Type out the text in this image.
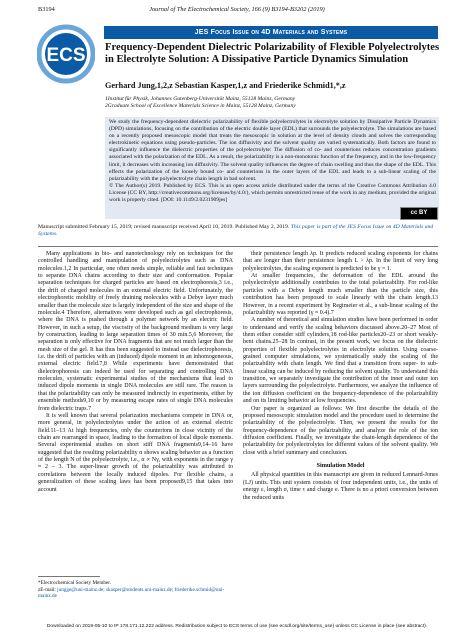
B3194	Journal of The Electrochemical Society, 166 (9) B3194-B3202 (2019)
ECS
JES Focus Issue on 4D Materials and Systems
Frequency-Dependent Dielectric Polarizability of Flexible Polyelectrolytes in Electrolyte Solution: A Dissipative Particle Dynamics Simulation
Gerhard Jung,1,2,z Sebastian Kasper,1,z and Friederike Schmid1,*,z
1Institut für Physik, Johannes Gutenberg-Universität Mainz, 55128 Mainz, Germany
2Graduate School of Excellence Materials Science in Mainz, 55128 Mainz, Germany
We study the frequency-dependent dielectric polarizability of flexible polyelectrolytes in electrolyte solution by Dissipative Particle Dynamics (DPD) simulations, focusing on the contribution of the electric double layer (EDL) that surrounds the polyelectrolyte. The simulations are based on a recently proposed mesoscopic model that treats the mesoscopic in solution at the level of density clouds and solves the corresponding electrokinetic equations using pseudo-particles. The ion diffusivity and the solvent quality are varied systematically. Both factors are found to significantly influence the dielectric properties of the polyelectrolyte: The diffusion of co- and counterions reduces concentration gradients associated with the polarization of the EDL. As a result, the polarizability is a non-monotonic function of the frequency, and in the low-frequency limit, it decreases with increasing ion diffusivity. The solvent quality influences the degree of chain swelling and thus the shape of the EDL. This effects the polarization of the loosely bound co- and counterions in the outer layers of the EDL and leads to a sub-linear scaling of the polarizability with the polyelectrolyte chain length in bad solvent.
© The Author(s) 2019. Published by ECS. This is an open access article distributed under the terms of the Creative Commons Attribution 4.0 License (CC BY, http://creativecommons.org/licenses/by/4.0/), which permits unrestricted reuse of the work in any medium, provided the original work is properly cited. [DOI: 10.1149/2.0231909jes]
cc BY
Manuscript submitted February 15, 2019; revised manuscript received April 10, 2019. Published May 2, 2019. This paper is part of the JES Focus Issue on 4D Materials and Systems.

Many applications in bio- and nanotechnology rely on techniques for the controlled handling and manipulation of polyelectrolytes such as DNA molecules.1,2 In particular, one often needs simple, reliable and fast techniques to separate DNA chains according to their size and conformation. Popular separation techniques for charged particles are based on electrophoresis,3 i.e., the drift of charged molecules in an external electric field. Unfortunately, the electrophoretic mobility of freely draining molecules with a Debye layer much smaller than the molecule size is largely independent of the size and shape of the molecule.4 Therefore, alternatives were developed such as gel electrophoresis, where the DNA is pushed through a polymer network by an electric field. However, in such a setup, the viscosity of the background medium is very large by construction, leading to large separation times of 30 min.5,6 Moreover, the separation is only effective for DNA fragments that are not much larger than the mesh size of the gel. It has thus been suggested to instead use dielectrophoresis, i.e. the drift of particles with an (induced) dipole moment in an inhomogeneous, external electric field.7,8 While experiments have demonstrated that dielectrophoresis can indeed be used for separating and controlling DNA molecules, systematic experimental studies of the mechanisms that lead to induced dipole moments in single DNA molecules are still rare. The reason is that the polarizability can only be measured indirectly in experiments, either by ensemble methods9,10 or by measuring escape rates of single DNA molecules from dielectric traps.7

It is well known that several polarization mechanisms compete in DNA or, more general, in polyelectrolytes under the action of an external electric field.11–13 At high frequencies, only the counterions in close vicinity of the chain are rearranged in space, leading to the formation of local dipole moments. Several experimental studies on short stiff DNA fragments9,14–16 have suggested that the resulting polarizability α shows scaling behavior as a function of the length N of the polyelectrolyte, i.e., α ∝ Nγ, with exponents in the range γ ≈ 2 – 3. The super-linear growth of the polarizability was attributed to correlations between the locally induced dipoles. For flexible chains, a generalization of these scaling laws has been proposed9,15 that takes into account

their persistence length λp. It predicts reduced scaling exponents for chains that are longer than their persistence length L > λp. In the limit of very long polyelectrolytes, the scaling exponent is predicted to be γ = 1.

At smaller frequencies, the deformation of the EDL around the polyelectrolyte additionally contributes to the total polarizability. For rod-like particles with a Debye length much smaller than the particle size, this contribution has been proposed to scale linearly with the chain length.13 However, in a recent experiment by Regtmeier et al., a sub-linear scaling of the polarizability was reported (γ ≈ 0.4).7

A number of theoretical and simulation studies have been performed in order to understand and verify the scaling behaviors discussed above.20–27 Most of them either consider stiff cylinders,18 rod-like particles20–23 or short weakly-bent chains.25–28 In contrast, in the present work, we focus on the dielectric properties of flexible polyelectrolytes in electrolyte solution. Using coarse-grained computer simulations, we systematically study the scaling of the polarizability with chain length. We find that a transition from super- to sub-linear scaling can be induced by reducing the solvent quality. To understand this transition, we separately investigate the contribution of the inner and outer ion layers surrounding the polyelectrolyte. Furthermore, we analyze the influence of the ion diffusion coefficient on the frequency-dependence of the polarizability and on its limiting behavior at low frequencies.

Our paper is organized as follows: We first describe the details of the proposed mesoscopic simulation model and the procedure used to determine the polarizability of the polyelectrolyte. Then, we present the results for the frequency-dependence of the polarizability, and analyze the role of the ion diffusion coefficient. Finally, we investigate the chain-length dependence of the polarizability for polyelectrolytes for different values of the solvent quality. We close with a brief summary and conclusion.

Simulation Model

All physical quantities in this manuscript are given in reduced Lennard-Jones (LJ) units. This unit system consists of four independent units, i.e., the units of energy ε, length σ, time τ and charge e. There is no a priori conversion between the reduced units

*Electrochemical Society Member.
zE-mail: jungge@uni-mainz.de; skasper@students.uni-mainz.de; friederike.schmid@uni-mainz.de
Downloaded on 2019-05-10 to IP 178.171.12.222 address. Redistribution subject to ECS terms of use (see ecsdl.org/site/terms_use) unless CC License in place (see abstract).
